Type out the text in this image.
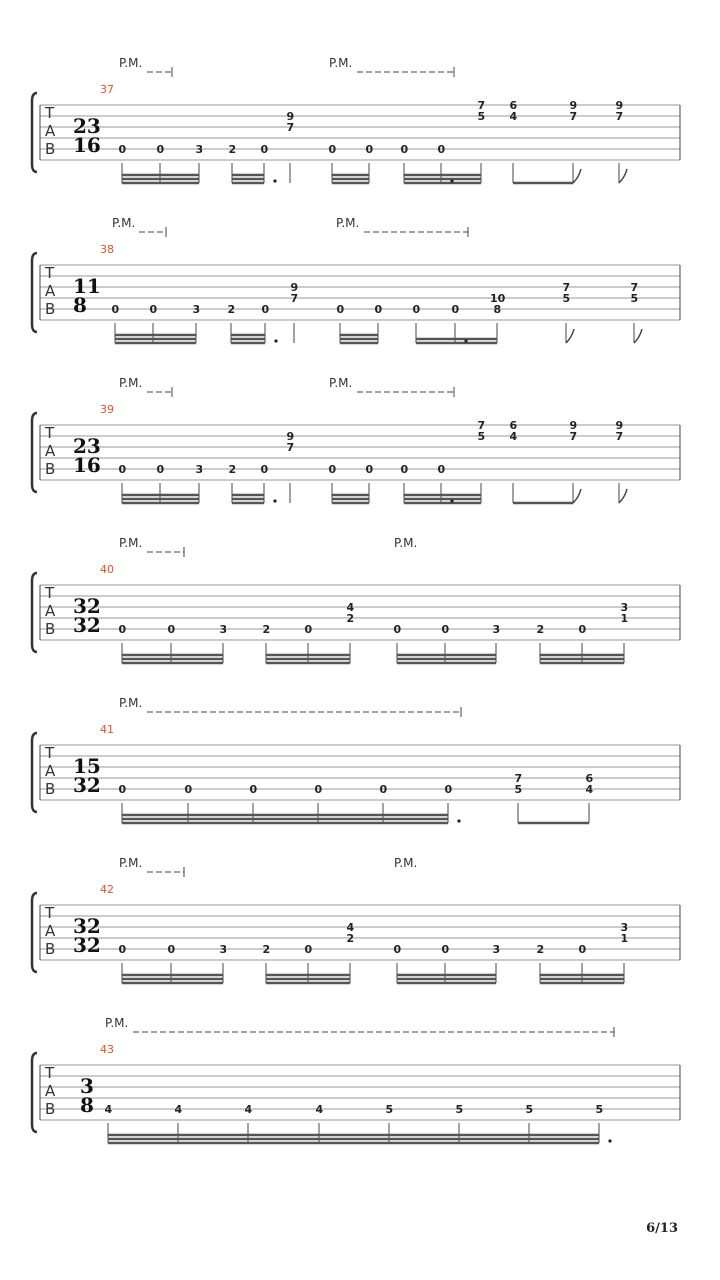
P.M.	P.M.
37
T
A
B
23
16 0	0	3 2 0
9
7
0	0 0	0
7
5
6
4
9
7
9
7
P.M.	P.M.
38
T
A
B
11
8 0	0	3 2 0
9
7
0	0	0	0
10
8
7
5
7
5
P.M.	P.M.
39
T
A
B
23
16 0	0	3 2 0
9
7
0	0 0	0
7
5
6
4
9
7
9
7
P.M.	P.M.
40
T
A
B
32
32 0	0	3	2	0
4
2
0	0	3	2	0
3
1
P.M.
41
T
A
B
15
32 0	0	0	0	0	0
7
5
6
4
P.M.	P.M.
42
T
A
B
32
32 0	0	3	2	0
4
2
0	0	3	2	0
3
1
P.M.
43
T
A
B
3
8 4	4	4	4	5	5	5	5
6/13
